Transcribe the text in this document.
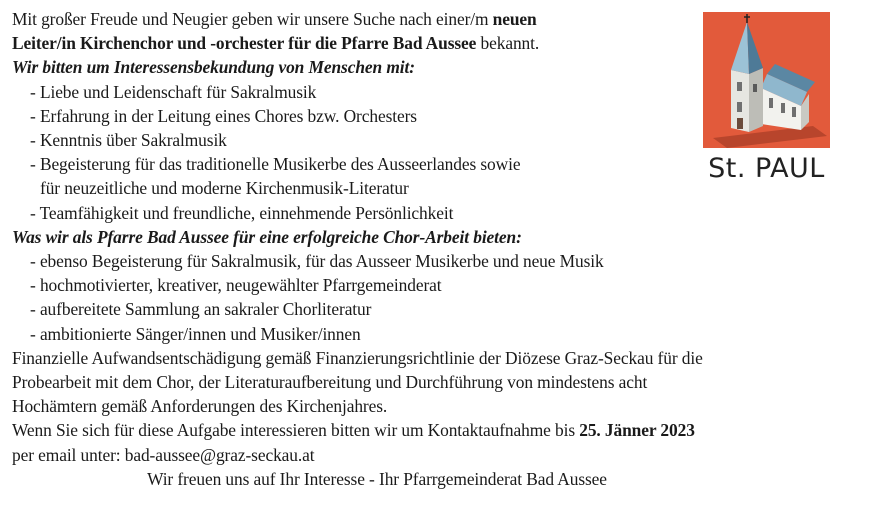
Mit großer Freude und Neugier geben wir unsere Suche nach einer/m neuen
Leiter/in Kirchenchor und -orchester für die Pfarre Bad Aussee bekannt.
Wir bitten um Interessensbekundung von Menschen mit:
- Liebe und Leidenschaft für Sakralmusik
- Erfahrung in der Leitung eines Chores bzw. Orchesters
- Kenntnis über Sakralmusik
- Begeisterung für das traditionelle Musikerbe des Ausseerlandes sowie
für neuzeitliche und moderne Kirchenmusik-Literatur
- Teamfähigkeit und freundliche, einnehmende Persönlichkeit
Was wir als Pfarre Bad Aussee für eine erfolgreiche Chor-Arbeit bieten:
- ebenso Begeisterung für Sakralmusik, für das Ausseer Musikerbe und neue Musik
- hochmotivierter, kreativer, neugewählter Pfarrgemeinderat
- aufbereitete Sammlung an sakraler Chorliteratur
- ambitionierte Sänger/innen und Musiker/innen
Finanzielle Aufwandsentschädigung gemäß Finanzierungsrichtlinie der Diözese Graz-Seckau für die
Probearbeit mit dem Chor, der Literaturaufbereitung und Durchführung von mindestens acht
Hochämtern gemäß Anforderungen des Kirchenjahres.
Wenn Sie sich für diese Aufgabe interessieren bitten wir um Kontaktaufnahme bis 25. Jänner 2023
per email unter: bad-aussee@graz-seckau.at
Wir freuen uns auf Ihr Interesse - Ihr Pfarrgemeinderat Bad Aussee
St. PAUL
